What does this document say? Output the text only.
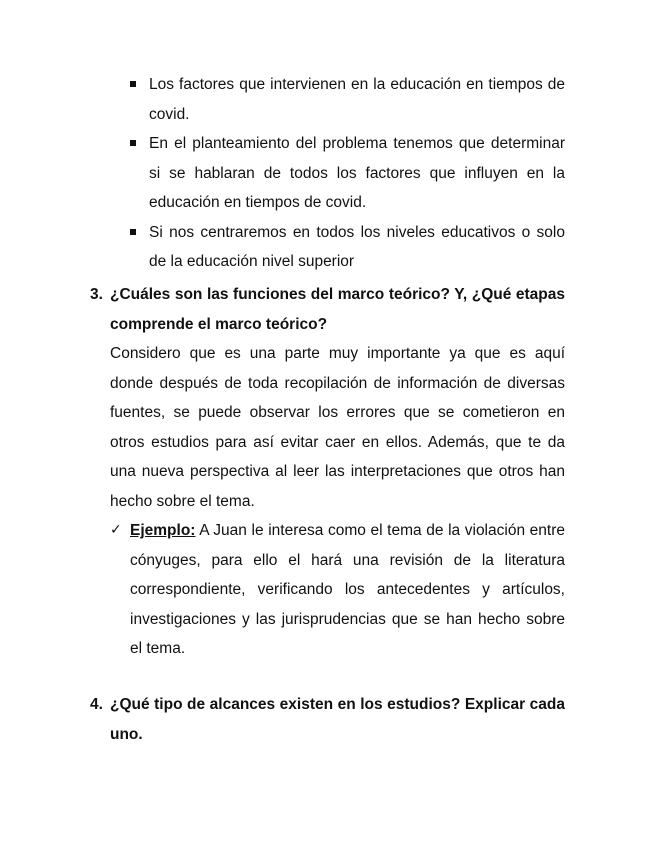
Los factores que intervienen en la educación en tiempos de covid.
En el planteamiento del problema tenemos que determinar si se hablaran de todos los factores que influyen en la educación en tiempos de covid.
Si nos centraremos en todos los niveles educativos o solo de la educación nivel superior
3. ¿Cuáles son las funciones del marco teórico? Y, ¿Qué etapas comprende el marco teórico?

Considero que es una parte muy importante ya que es aquí donde después de toda recopilación de información de diversas fuentes, se puede observar los errores que se cometieron en otros estudios para así evitar caer en ellos. Además, que te da una nueva perspectiva al leer las interpretaciones que otros han hecho sobre el tema.

✓ Ejemplo: A Juan le interesa como el tema de la violación entre cónyuges, para ello el hará una revisión de la literatura correspondiente, verificando los antecedentes y artículos, investigaciones y las jurisprudencias que se han hecho sobre el tema.
4. ¿Qué tipo de alcances existen en los estudios? Explicar cada uno.
